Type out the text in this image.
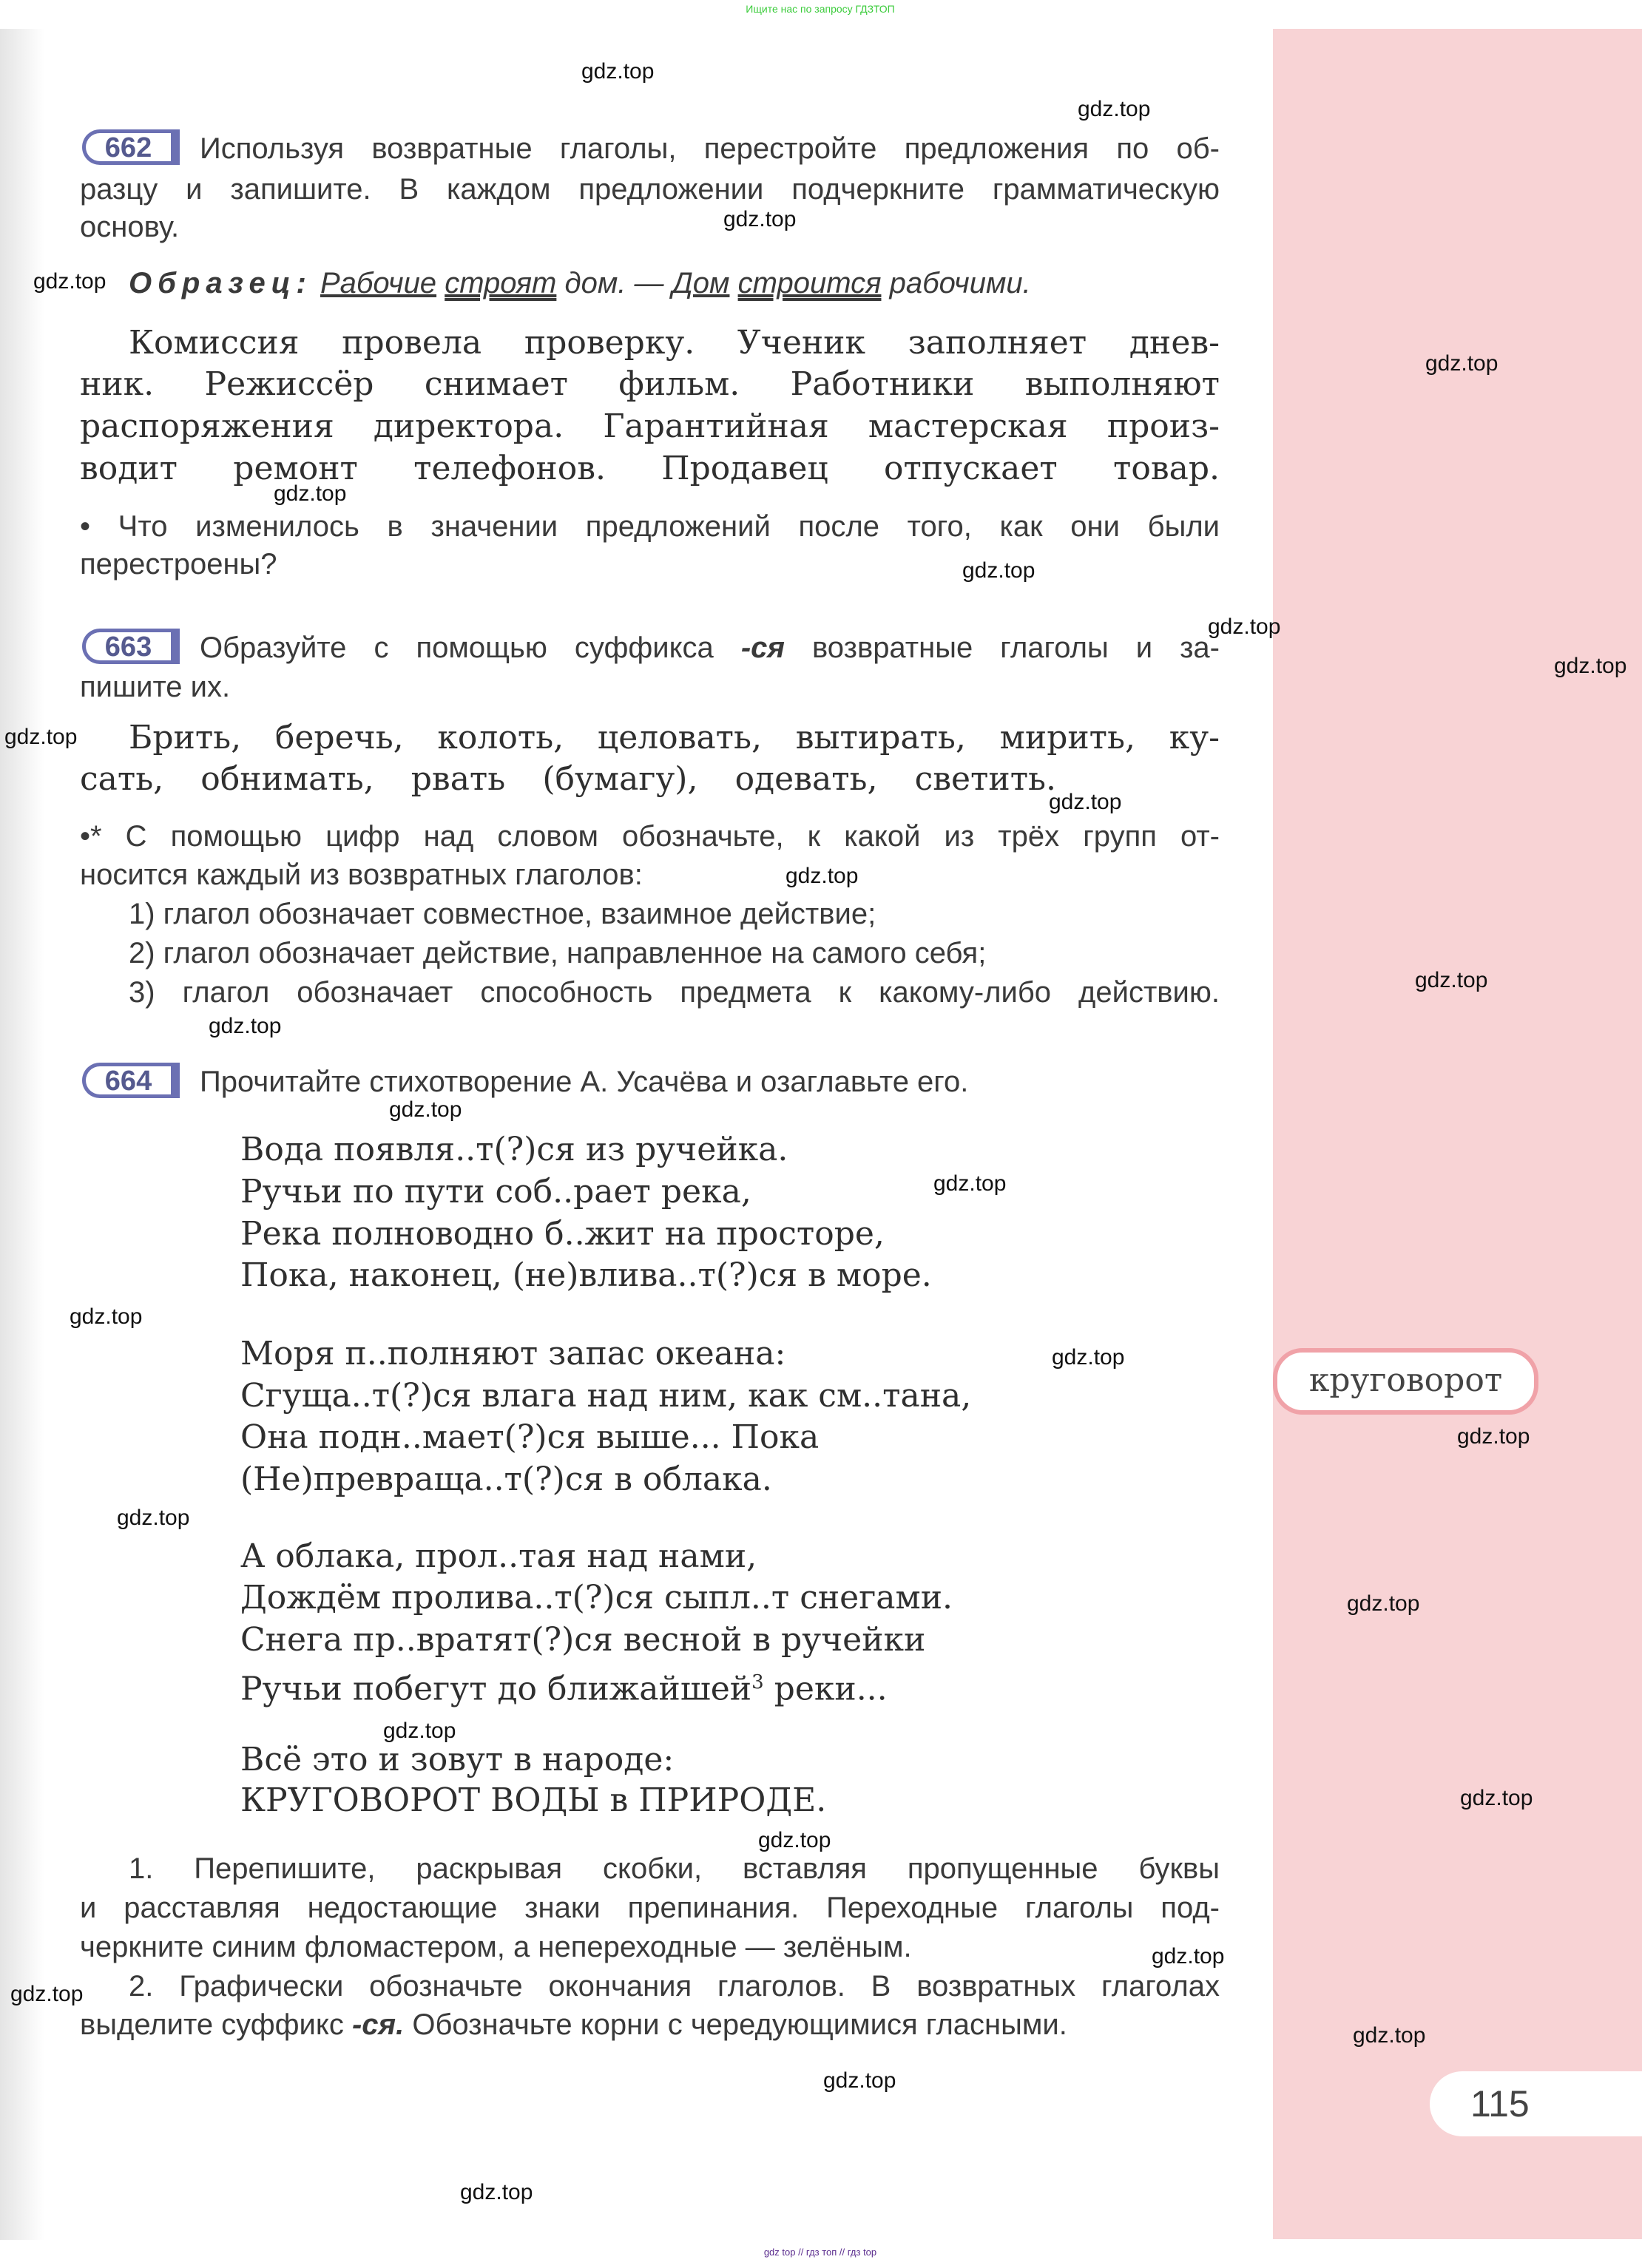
Ищите нас по запросу ГДЗТОП
662	Используя возвратные глаголы, перестройте предложения по об-
разцу и запишите. В каждом предложении подчеркните грамматическую
основу.
Образец: Рабочие строят дом. — Дом строится рабочими.
Комиссия провела проверку. Ученик заполняет днев-
ник. Режиссёр снимает фильм. Работники выполняют
распоряжения директора. Гарантийная мастерская произ-
водит ремонт телефонов. Продавец отпускает товар.
• Что изменилось в значении предложений после того, как они были
перестроены?
663	Образуйте с помощью суффикса -ся возвратные глаголы и за-
пишите их.
Брить, беречь, колоть, целовать, вытирать, мирить, ку-
сать, обнимать, рвать (бумагу), одевать, светить.
•* С помощью цифр над словом обозначьте, к какой из трёх групп от-
носится каждый из возвратных глаголов:
1) глагол обозначает совместное, взаимное действие;
2) глагол обозначает действие, направленное на самого себя;
3) глагол обозначает способность предмета к какому-либо действию.
664	Прочитайте стихотворение А. Усачёва и озаглавьте его.
Вода появля..т(?)ся из ручейка.
Ручьи по пути соб..рает река,
Река полноводно б..жит на просторе,
Пока, наконец, (не)влива..т(?)ся в море.
Моря п..полняют запас океана:
Сгуща..т(?)ся влага над ним, как см..тана,
Она подн..мает(?)ся выше... Пока
(Не)превраща..т(?)ся в облака.
А облака, прол..тая над нами,
Дождём пролива..т(?)ся сыпл..т снегами.
Снега пр..вратят(?)ся весной в ручейки
Ручьи побегут до ближайшей$^3$ реки...
Всё это и зовут в народе:
КРУГОВОРОТ ВОДЫ в ПРИРОДЕ.
1. Перепишите, раскрывая скобки, вставляя пропущенные буквы
и расставляя недостающие знаки препинания. Переходные глаголы под-
черкните синим фломастером, а непереходные — зелёным.
2. Графически обозначьте окончания глаголов. В возвратных глаголах
выделите суффикс -ся. Обозначьте корни с чередующимися гласными.
круговорот
115
gdz.top
gdz.top
gdz.top
gdz.top
gdz.top
gdz.top
gdz.top
gdz.top
gdz.top
gdz.top
gdz.top
gdz.top
gdz.top
gdz.top
gdz.top
gdz.top
gdz.top
gdz.top
gdz.top
gdz.top
gdz.top
gdz.top
gdz.top
gdz.top
gdz.top
gdz.top
gdz.top
gdz.top
gdz.top
gdz top // гдз топ // гдз top
